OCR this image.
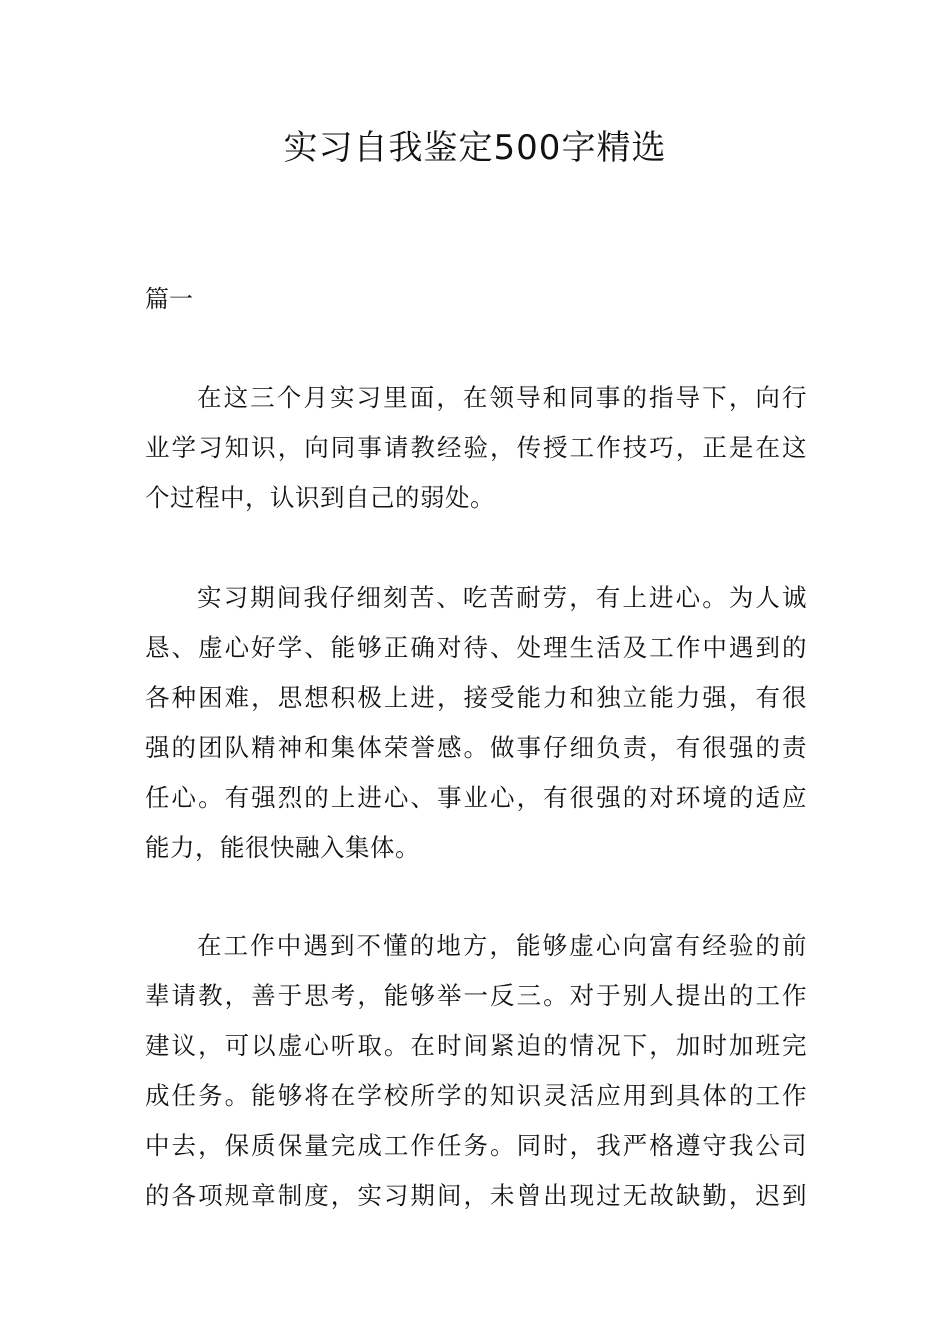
实习自我鉴定500字精选
篇一
在这三个月实习里面，在领导和同事的指导下，向行
业学习知识，向同事请教经验，传授工作技巧，正是在这
个过程中，认识到自己的弱处。
实习期间我仔细刻苦、吃苦耐劳，有上进心。为人诚
恳、虚心好学、能够正确对待、处理生活及工作中遇到的
各种困难，思想积极上进，接受能力和独立能力强，有很
强的团队精神和集体荣誉感。做事仔细负责，有很强的责
任心。有强烈的上进心、事业心，有很强的对环境的适应
能力，能很快融入集体。
在工作中遇到不懂的地方，能够虚心向富有经验的前
辈请教，善于思考，能够举一反三。对于别人提出的工作
建议，可以虚心听取。在时间紧迫的情况下，加时加班完
成任务。能够将在学校所学的知识灵活应用到具体的工作
中去，保质保量完成工作任务。同时，我严格遵守我公司
的各项规章制度，实习期间，未曾出现过无故缺勤，迟到
